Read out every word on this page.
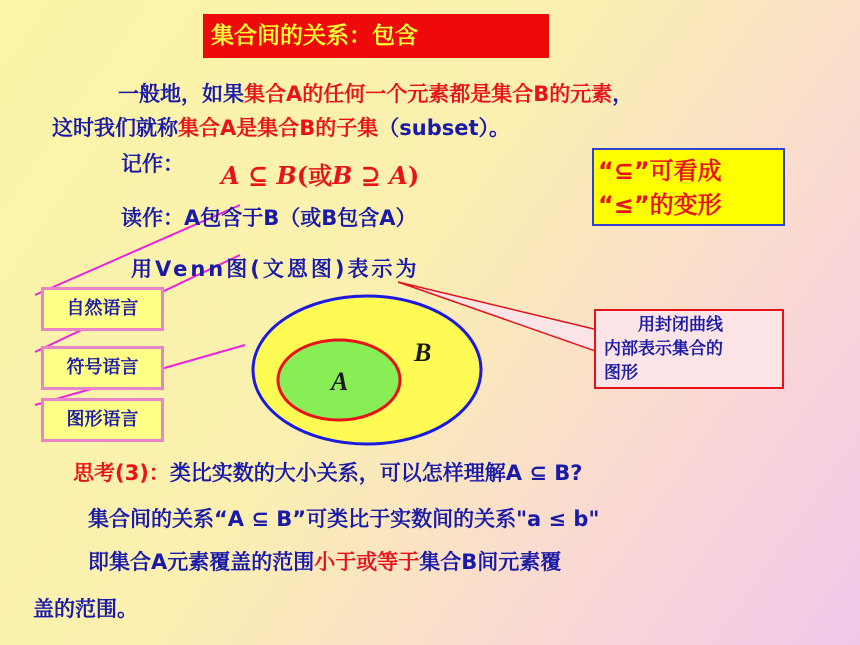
B
A
集合间的关系：包含
一般地，如果集合A的任何一个元素都是集合B的元素，
这时我们就称集合A是集合B的子集（subset）。
记作： A ⊆ B(或B ⊇ A)
读作：A包含于B（或B包含A）
用Venn图(文恩图)表示为
“⊆”可看成
“≤”的变形
自然语言
符号语言
图形语言
用封闭曲线
内部表示集合的
图形
思考(3)：类比实数的大小关系，可以怎样理解A ⊆ B?
集合间的关系“A ⊆ B”可类比于实数间的关系"a ≤ b"
即集合A元素覆盖的范围小于或等于集合B间元素覆
盖的范围。
